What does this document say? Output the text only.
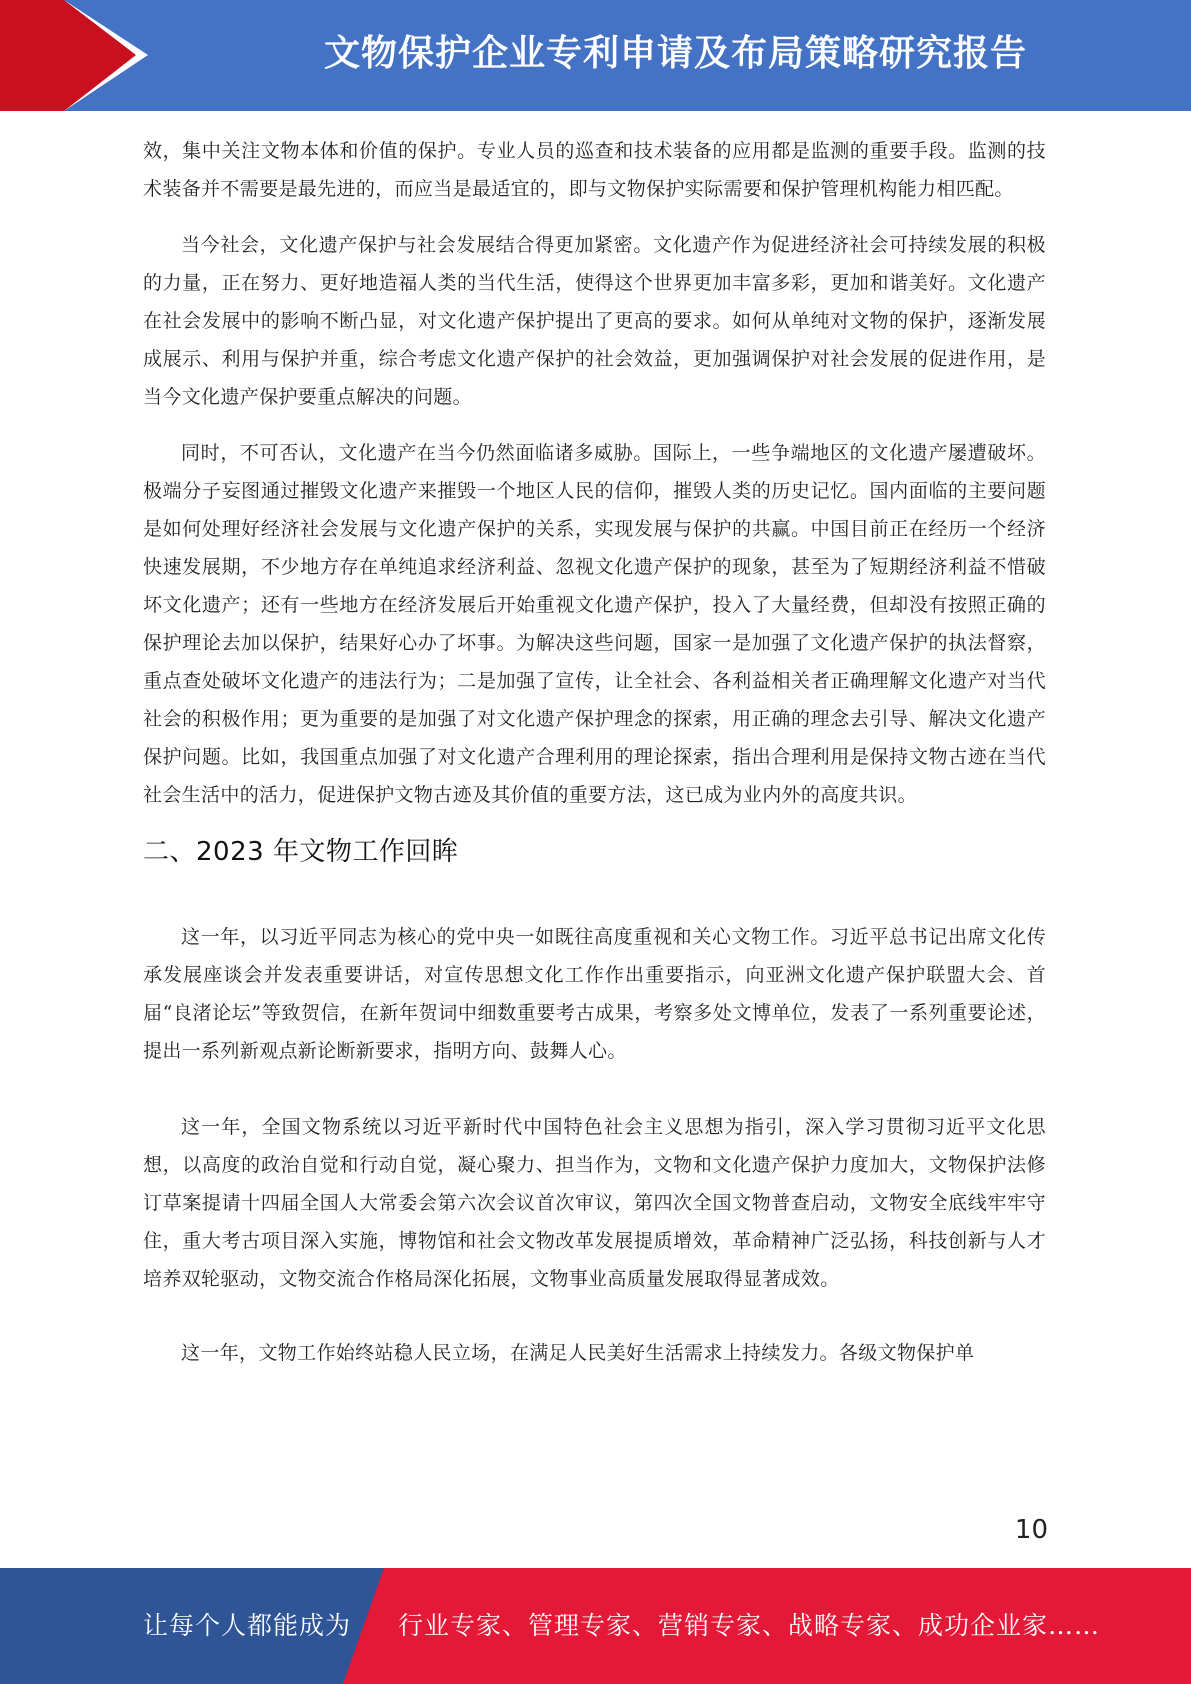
文物保护企业专利申请及布局策略研究报告

效，集中关注文物本体和价值的保护。专业人员的巡查和技术装备的应用都是监测的重要手段。监测的技术装备并不需要是最先进的，而应当是最适宜的，即与文物保护实际需要和保护管理机构能力相匹配。

当今社会，文化遗产保护与社会发展结合得更加紧密。文化遗产作为促进经济社会可持续发展的积极的力量，正在努力、更好地造福人类的当代生活，使得这个世界更加丰富多彩，更加和谐美好。文化遗产在社会发展中的影响不断凸显，对文化遗产保护提出了更高的要求。如何从单纯对文物的保护，逐渐发展成展示、利用与保护并重，综合考虑文化遗产保护的社会效益，更加强调保护对社会发展的促进作用，是当今文化遗产保护要重点解决的问题。

同时，不可否认，文化遗产在当今仍然面临诸多威胁。国际上，一些争端地区的文化遗产屡遭破坏。极端分子妄图通过摧毁文化遗产来摧毁一个地区人民的信仰，摧毁人类的历史记忆。国内面临的主要问题是如何处理好经济社会发展与文化遗产保护的关系，实现发展与保护的共赢。中国目前正在经历一个经济快速发展期，不少地方存在单纯追求经济利益、忽视文化遗产保护的现象，甚至为了短期经济利益不惜破坏文化遗产；还有一些地方在经济发展后开始重视文化遗产保护，投入了大量经费，但却没有按照正确的保护理论去加以保护，结果好心办了坏事。为解决这些问题，国家一是加强了文化遗产保护的执法督察，重点查处破坏文化遗产的违法行为；二是加强了宣传，让全社会、各利益相关者正确理解文化遗产对当代社会的积极作用；更为重要的是加强了对文化遗产保护理念的探索，用正确的理念去引导、解决文化遗产保护问题。比如，我国重点加强了对文化遗产合理利用的理论探索，指出合理利用是保持文物古迹在当代社会生活中的活力，促进保护文物古迹及其价值的重要方法，这已成为业内外的高度共识。

二、2023 年文物工作回眸

这一年，以习近平同志为核心的党中央一如既往高度重视和关心文物工作。习近平总书记出席文化传承发展座谈会并发表重要讲话，对宣传思想文化工作作出重要指示，向亚洲文化遗产保护联盟大会、首届“良渚论坛”等致贺信，在新年贺词中细数重要考古成果，考察多处文博单位，发表了一系列重要论述，提出一系列新观点新论断新要求，指明方向、鼓舞人心。

这一年，全国文物系统以习近平新时代中国特色社会主义思想为指引，深入学习贯彻习近平文化思想，以高度的政治自觉和行动自觉，凝心聚力、担当作为，文物和文化遗产保护力度加大，文物保护法修订草案提请十四届全国人大常委会第六次会议首次审议，第四次全国文物普查启动，文物安全底线牢牢守住，重大考古项目深入实施，博物馆和社会文物改革发展提质增效，革命精神广泛弘扬，科技创新与人才培养双轮驱动，文物交流合作格局深化拓展，文物事业高质量发展取得显著成效。

这一年，文物工作始终站稳人民立场，在满足人民美好生活需求上持续发力。各级文物保护单

10
让每个人都能成为 行业专家、管理专家、营销专家、战略专家、成功企业家……
